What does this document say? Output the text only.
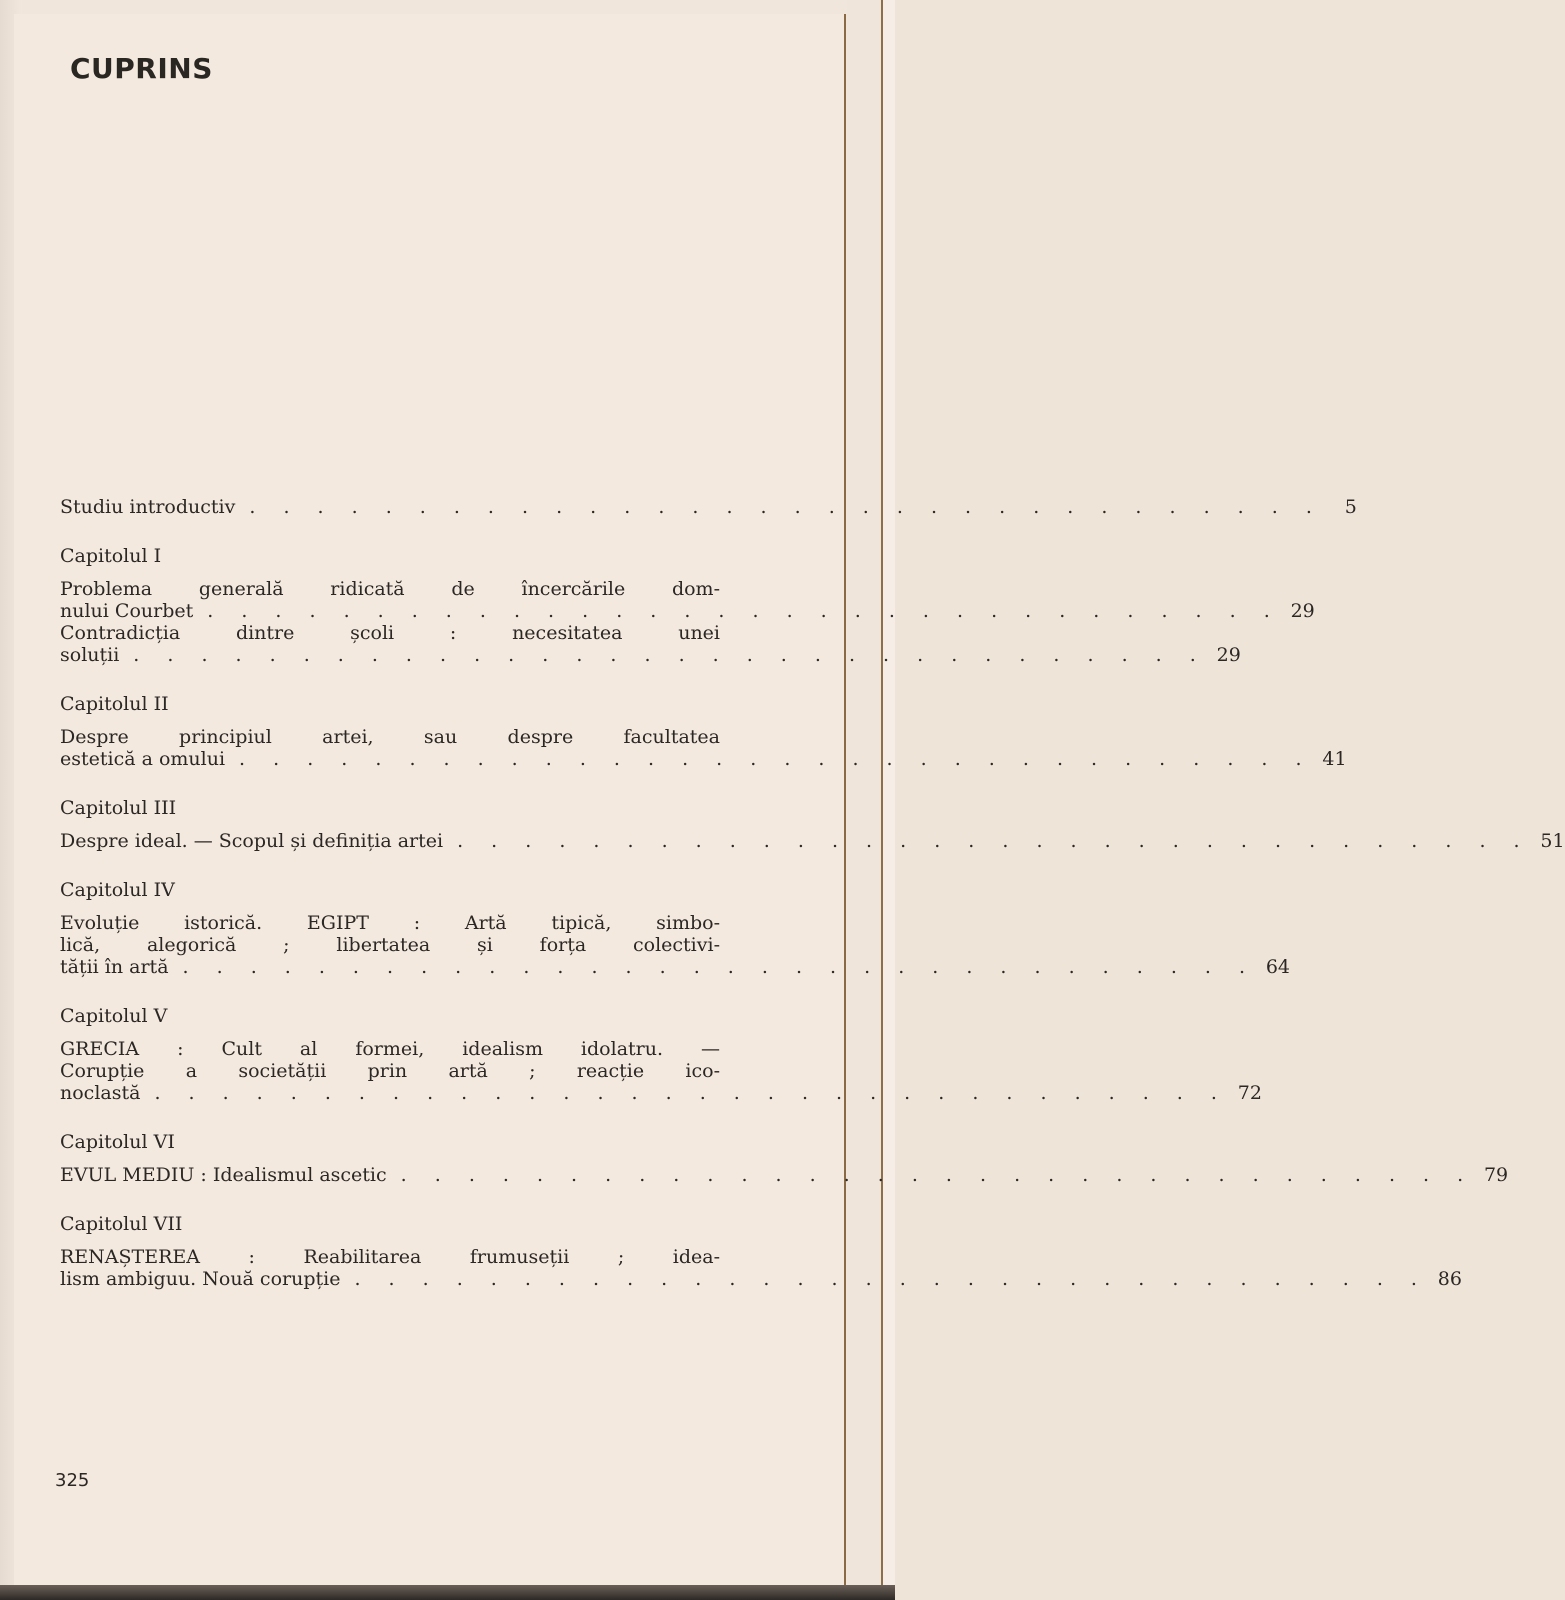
CUPRINS
Studiu introductiv . . . . . . . . . . . . . . . . . . . . . . . . . . . . . . . .	5
Capitolul I
Problema generală ridicată de încercările dom-
nului Courbet . . . . . . . . . . . . . . . . . . . . . . . . . . . . . . . . 29
Contradicția dintre școli : necesitatea unei
soluții . . . . . . . . . . . . . . . . . . . . . . . . . . . . . . . . 29
Capitolul II
Despre principiul artei, sau despre facultatea
estetică a omului . . . . . . . . . . . . . . . . . . . . . . . . . . . . . . . . 41
Capitolul III
Despre ideal. — Scopul și definiția artei . . . . . . . . . . . . . . . . . . . . . . . . . . . . . . . . 51
Capitolul IV
Evoluție istorică. EGIPT : Artă tipică, simbo-
lică, alegorică ; libertatea și forța colectivi-
tății în artă . . . . . . . . . . . . . . . . . . . . . . . . . . . . . . . . 64
Capitolul V
GRECIA : Cult al formei, idealism idolatru. —
Corupție a societății prin artă ; reacție ico-
noclastă . . . . . . . . . . . . . . . . . . . . . . . . . . . . . . . . 72
Capitolul VI
EVUL MEDIU : Idealismul ascetic . . . . . . . . . . . . . . . . . . . . . . . . . . . . . . . . 79
Capitolul VII
RENAȘTEREA : Reabilitarea frumuseții ; idea-
lism ambiguu. Nouă corupție . . . . . . . . . . . . . . . . . . . . . . . . . . . . . . . . 86
325
